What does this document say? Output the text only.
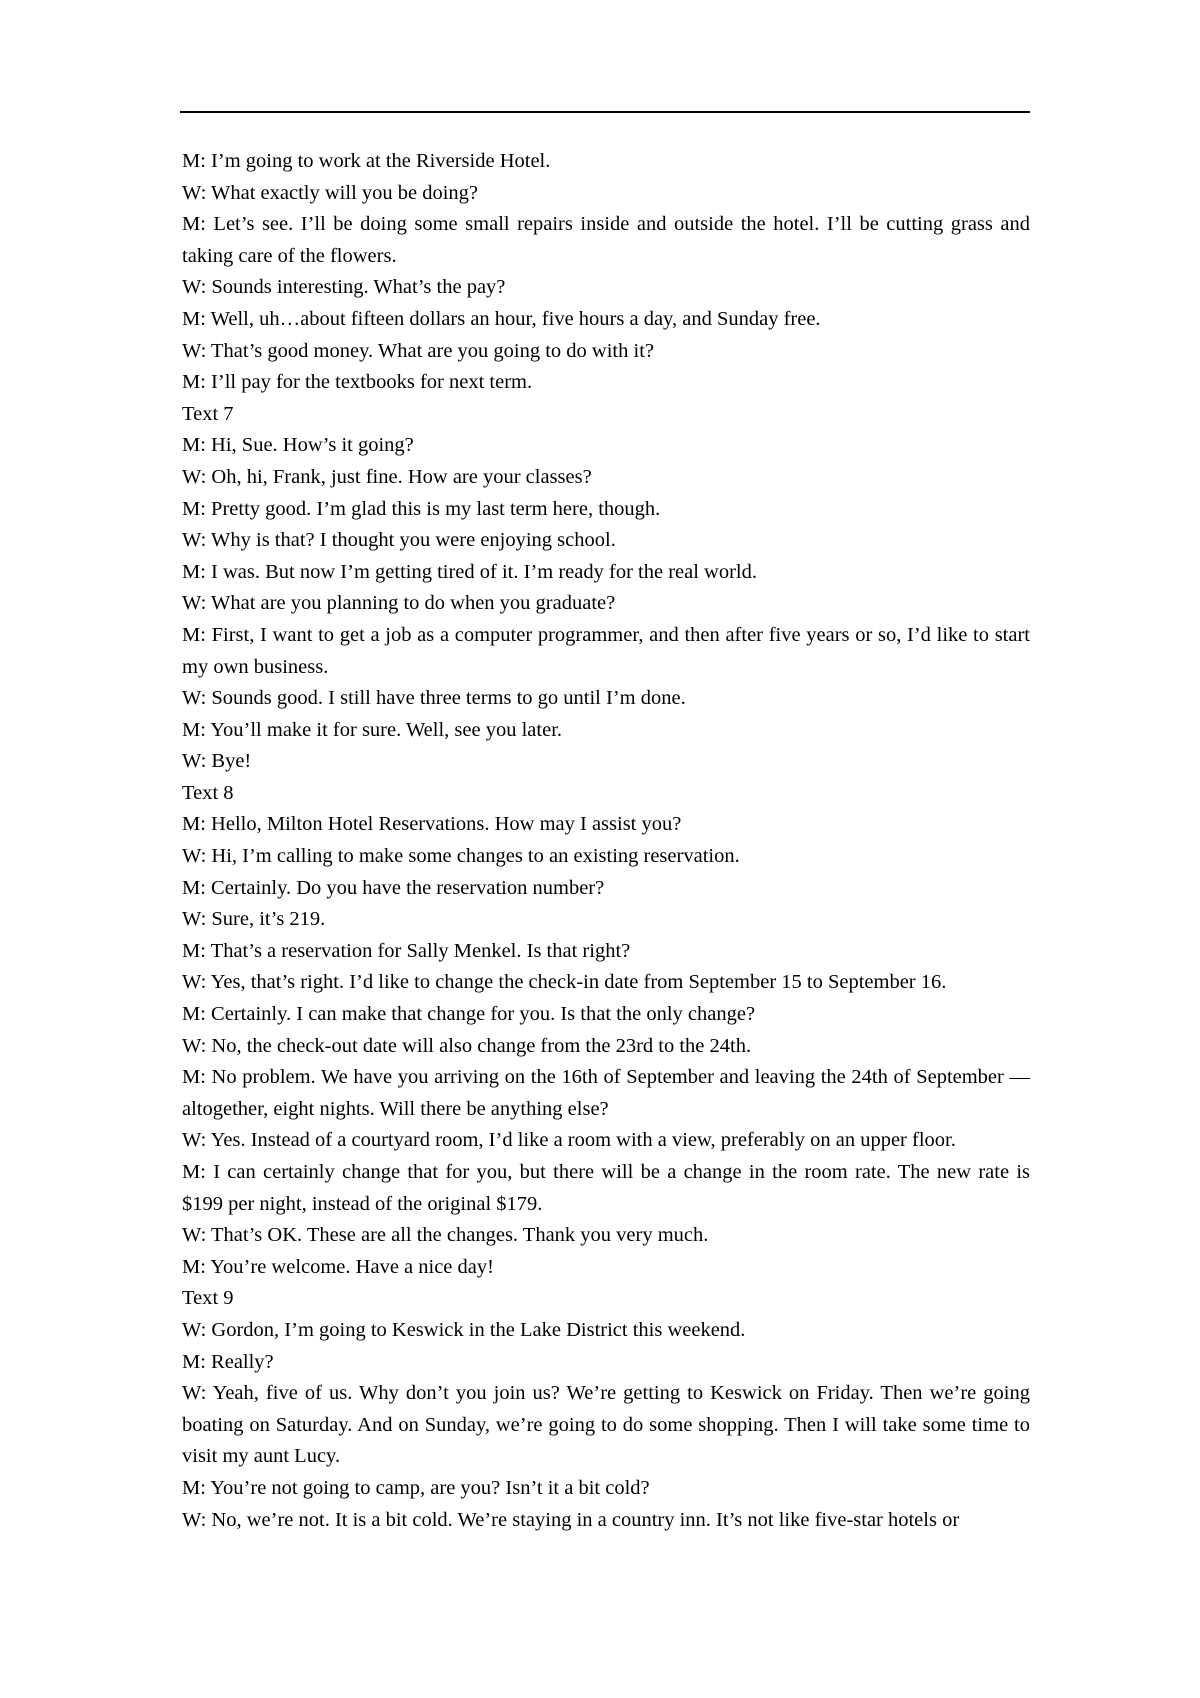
M: I’m going to work at the Riverside Hotel.

W: What exactly will you be doing?

M: Let’s see. I’ll be doing some small repairs inside and outside the hotel. I’ll be cutting grass and taking care of the flowers.

W: Sounds interesting. What’s the pay?

M: Well, uh…about fifteen dollars an hour, five hours a day, and Sunday free.

W: That’s good money. What are you going to do with it?

M: I’ll pay for the textbooks for next term.

Text 7

M: Hi, Sue. How’s it going?

W: Oh, hi, Frank, just fine. How are your classes?

M: Pretty good. I’m glad this is my last term here, though.

W: Why is that? I thought you were enjoying school.

M: I was. But now I’m getting tired of it. I’m ready for the real world.

W: What are you planning to do when you graduate?

M: First, I want to get a job as a computer programmer, and then after five years or so, I’d like to start my own business.

W: Sounds good. I still have three terms to go until I’m done.

M: You’ll make it for sure. Well, see you later.

W: Bye!

Text 8

M: Hello, Milton Hotel Reservations. How may I assist you?

W: Hi, I’m calling to make some changes to an existing reservation.

M: Certainly. Do you have the reservation number?

W: Sure, it’s 219.

M: That’s a reservation for Sally Menkel. Is that right?

W: Yes, that’s right. I’d like to change the check-in date from September 15 to September 16.

M: Certainly. I can make that change for you. Is that the only change?

W: No, the check-out date will also change from the 23rd to the 24th.

M: No problem. We have you arriving on the 16th of September and leaving the 24th of September — altogether, eight nights. Will there be anything else?

W: Yes. Instead of a courtyard room, I’d like a room with a view, preferably on an upper floor.

M: I can certainly change that for you, but there will be a change in the room rate. The new rate is $199 per night, instead of the original $179.

W: That’s OK. These are all the changes. Thank you very much.

M: You’re welcome. Have a nice day!

Text 9

W: Gordon, I’m going to Keswick in the Lake District this weekend.

M: Really?

W: Yeah, five of us. Why don’t you join us? We’re getting to Keswick on Friday. Then we’re going boating on Saturday. And on Sunday, we’re going to do some shopping. Then I will take some time to visit my aunt Lucy.

M: You’re not going to camp, are you? Isn’t it a bit cold?

W: No, we’re not. It is a bit cold. We’re staying in a country inn. It’s not like five-star hotels or
